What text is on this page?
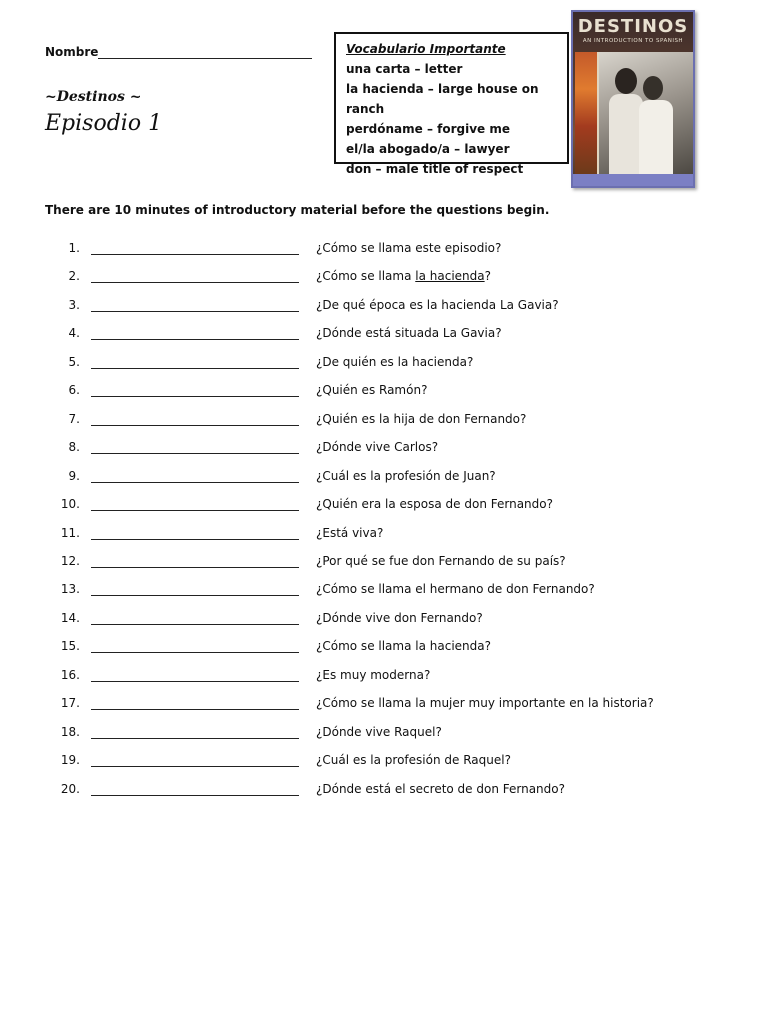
Nombre
~Destinos ~
Episodio 1
Vocabulario Importante
una carta – letter
la hacienda – large house on ranch
perdóname – forgive me
el/la abogado/a – lawyer
don – male title of respect
DESTINOS
AN INTRODUCTION TO SPANISH
There are 10 minutes of introductory material before the questions begin.
1.	¿Cómo se llama este episodio?
2.	¿Cómo se llama la hacienda?
3.	¿De qué época es la hacienda La Gavia?
4.	¿Dónde está situada La Gavia?
5.	¿De quién es la hacienda?
6.	¿Quién es Ramón?
7.	¿Quién es la hija de don Fernando?
8.	¿Dónde vive Carlos?
9.	¿Cuál es la profesión de Juan?
10.	¿Quién era la esposa de don Fernando?
11.	¿Está viva?
12.	¿Por qué se fue don Fernando de su país?
13.	¿Cómo se llama el hermano de don Fernando?
14.	¿Dónde vive don Fernando?
15.	¿Cómo se llama la hacienda?
16.	¿Es muy moderna?
17.	¿Cómo se llama la mujer muy importante en la historia?
18.	¿Dónde vive Raquel?
19.	¿Cuál es la profesión de Raquel?
20.	¿Dónde está el secreto de don Fernando?
